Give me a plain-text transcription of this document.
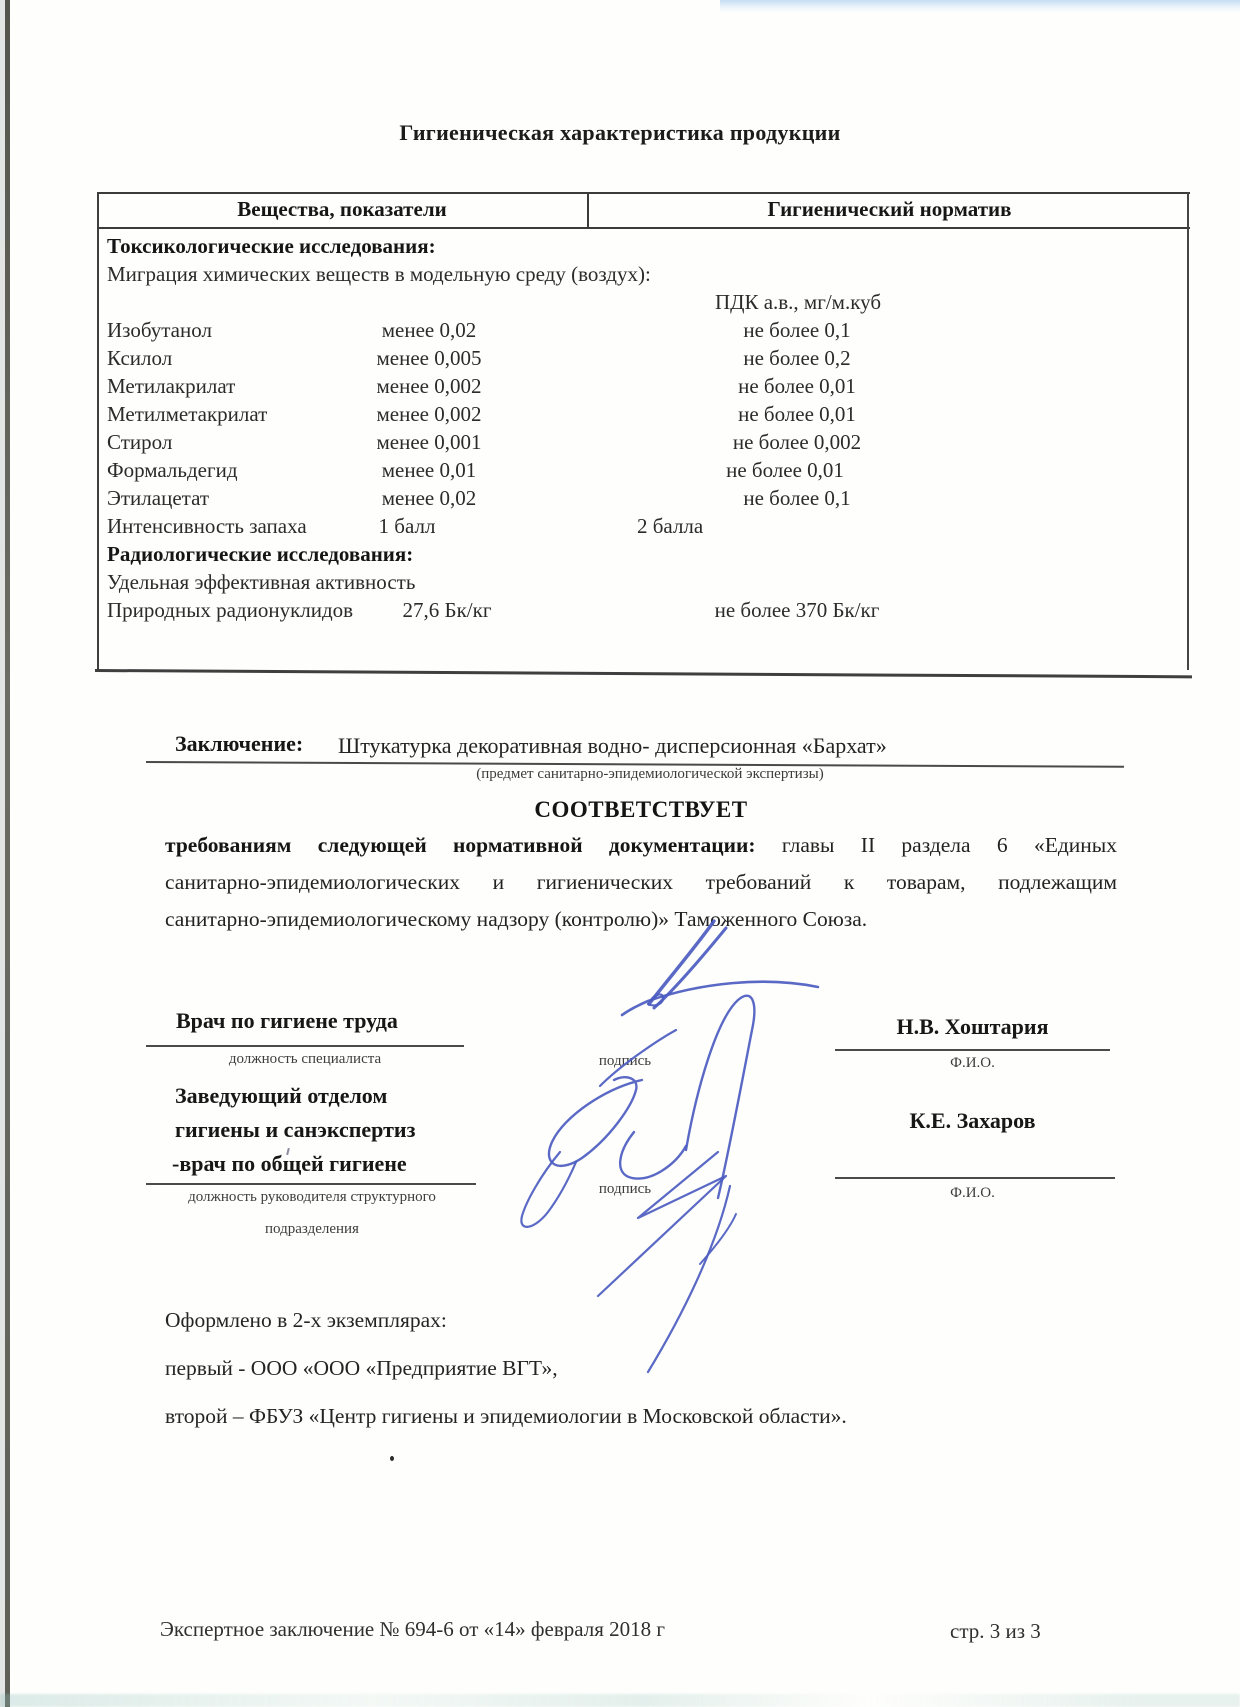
Гигиеническая характеристика продукции
Вещества, показатели	Гигиенический норматив
Токсикологические исследования:
Миграция химических веществ в модельную среду (воздух):
ПДК а.в., мг/м.куб
Изобутанол	менее 0,02	не более 0,1
Ксилол	менее 0,005	не более 0,2
Метилакрилат	менее 0,002	не более 0,01
Метилметакрилат	менее 0,002	не более 0,01
Стирол	менее 0,001	не более 0,002
Формальдегид	менее 0,01	не более 0,01
Этилацетат	менее 0,02	не более 0,1
Интенсивность запаха	1 балл	2 балла
Радиологические исследования:
Удельная эффективная активность
Природных радионуклидов	27,6 Бк/кг	не более 370 Бк/кг
Заключение: Штукатурка декоративная водно- дисперсионная «Бархат»
(предмет санитарно-эпидемиологической экспертизы)
СООТВЕТСТВУЕТ
требованиям следующей нормативной документации: главы II раздела 6 «Единых
санитарно-эпидемиологических и гигиенических требований к товарам, подлежащим
санитарно-эпидемиологическому надзору (контролю)» Таможенного Союза.
Врач по гигиене труда
должность специалиста	подпись
Н.В. Хоштария
Ф.И.О.
Заведующий отделом
гигиены и санэкспертиз
-врач по общей гигиене
должность руководителя структурного
подразделения
подпись
К.Е. Захаров
Ф.И.О.
Оформлено в 2-х экземплярах:
первый - ООО «ООО «Предприятие ВГТ»,
второй – ФБУЗ «Центр гигиены и эпидемиологии в Московской области».
Экспертное заключение № 694-6 от «14» февраля 2018 г	стр. 3 из 3
